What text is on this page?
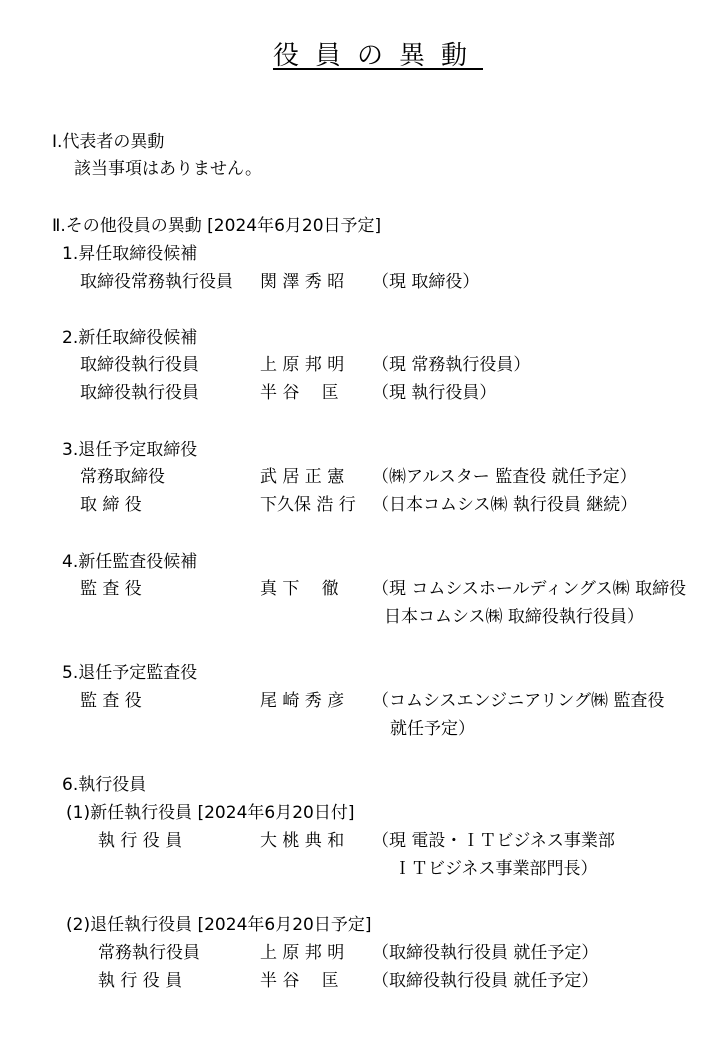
役員の異動
Ⅰ.代表者の異動
該当事項はありません。
Ⅱ.その他役員の異動 [2024年6月20日予定]
1.昇任取締役候補
取締役常務執行役員 関 澤 秀 昭 （現 取締役）
2.新任取締役候補
取締役執行役員	上 原 邦 明 （現 常務執行役員）
取締役執行役員	半 谷　 匡 （現 執行役員）
3.退任予定取締役
常務取締役	武 居 正 憲 （㈱アルスター 監査役 就任予定）
取 締 役	下久保 浩 行 （日本コムシス㈱ 執行役員 継続）
4.新任監査役候補
監 査 役	真 下　 徹 （現 コムシスホールディングス㈱ 取締役
日本コムシス㈱ 取締役執行役員）
5.退任予定監査役
監 査 役	尾 崎 秀 彦 （コムシスエンジニアリング㈱ 監査役
就任予定）
6.執行役員
(1)新任執行役員 [2024年6月20日付]
執 行 役 員	大 桃 典 和 （現 電設・ＩＴビジネス事業部
ＩＴビジネス事業部門長）
(2)退任執行役員 [2024年6月20日予定]
常務執行役員	上 原 邦 明 （取締役執行役員 就任予定）
執 行 役 員	半 谷　 匡 （取締役執行役員 就任予定）
